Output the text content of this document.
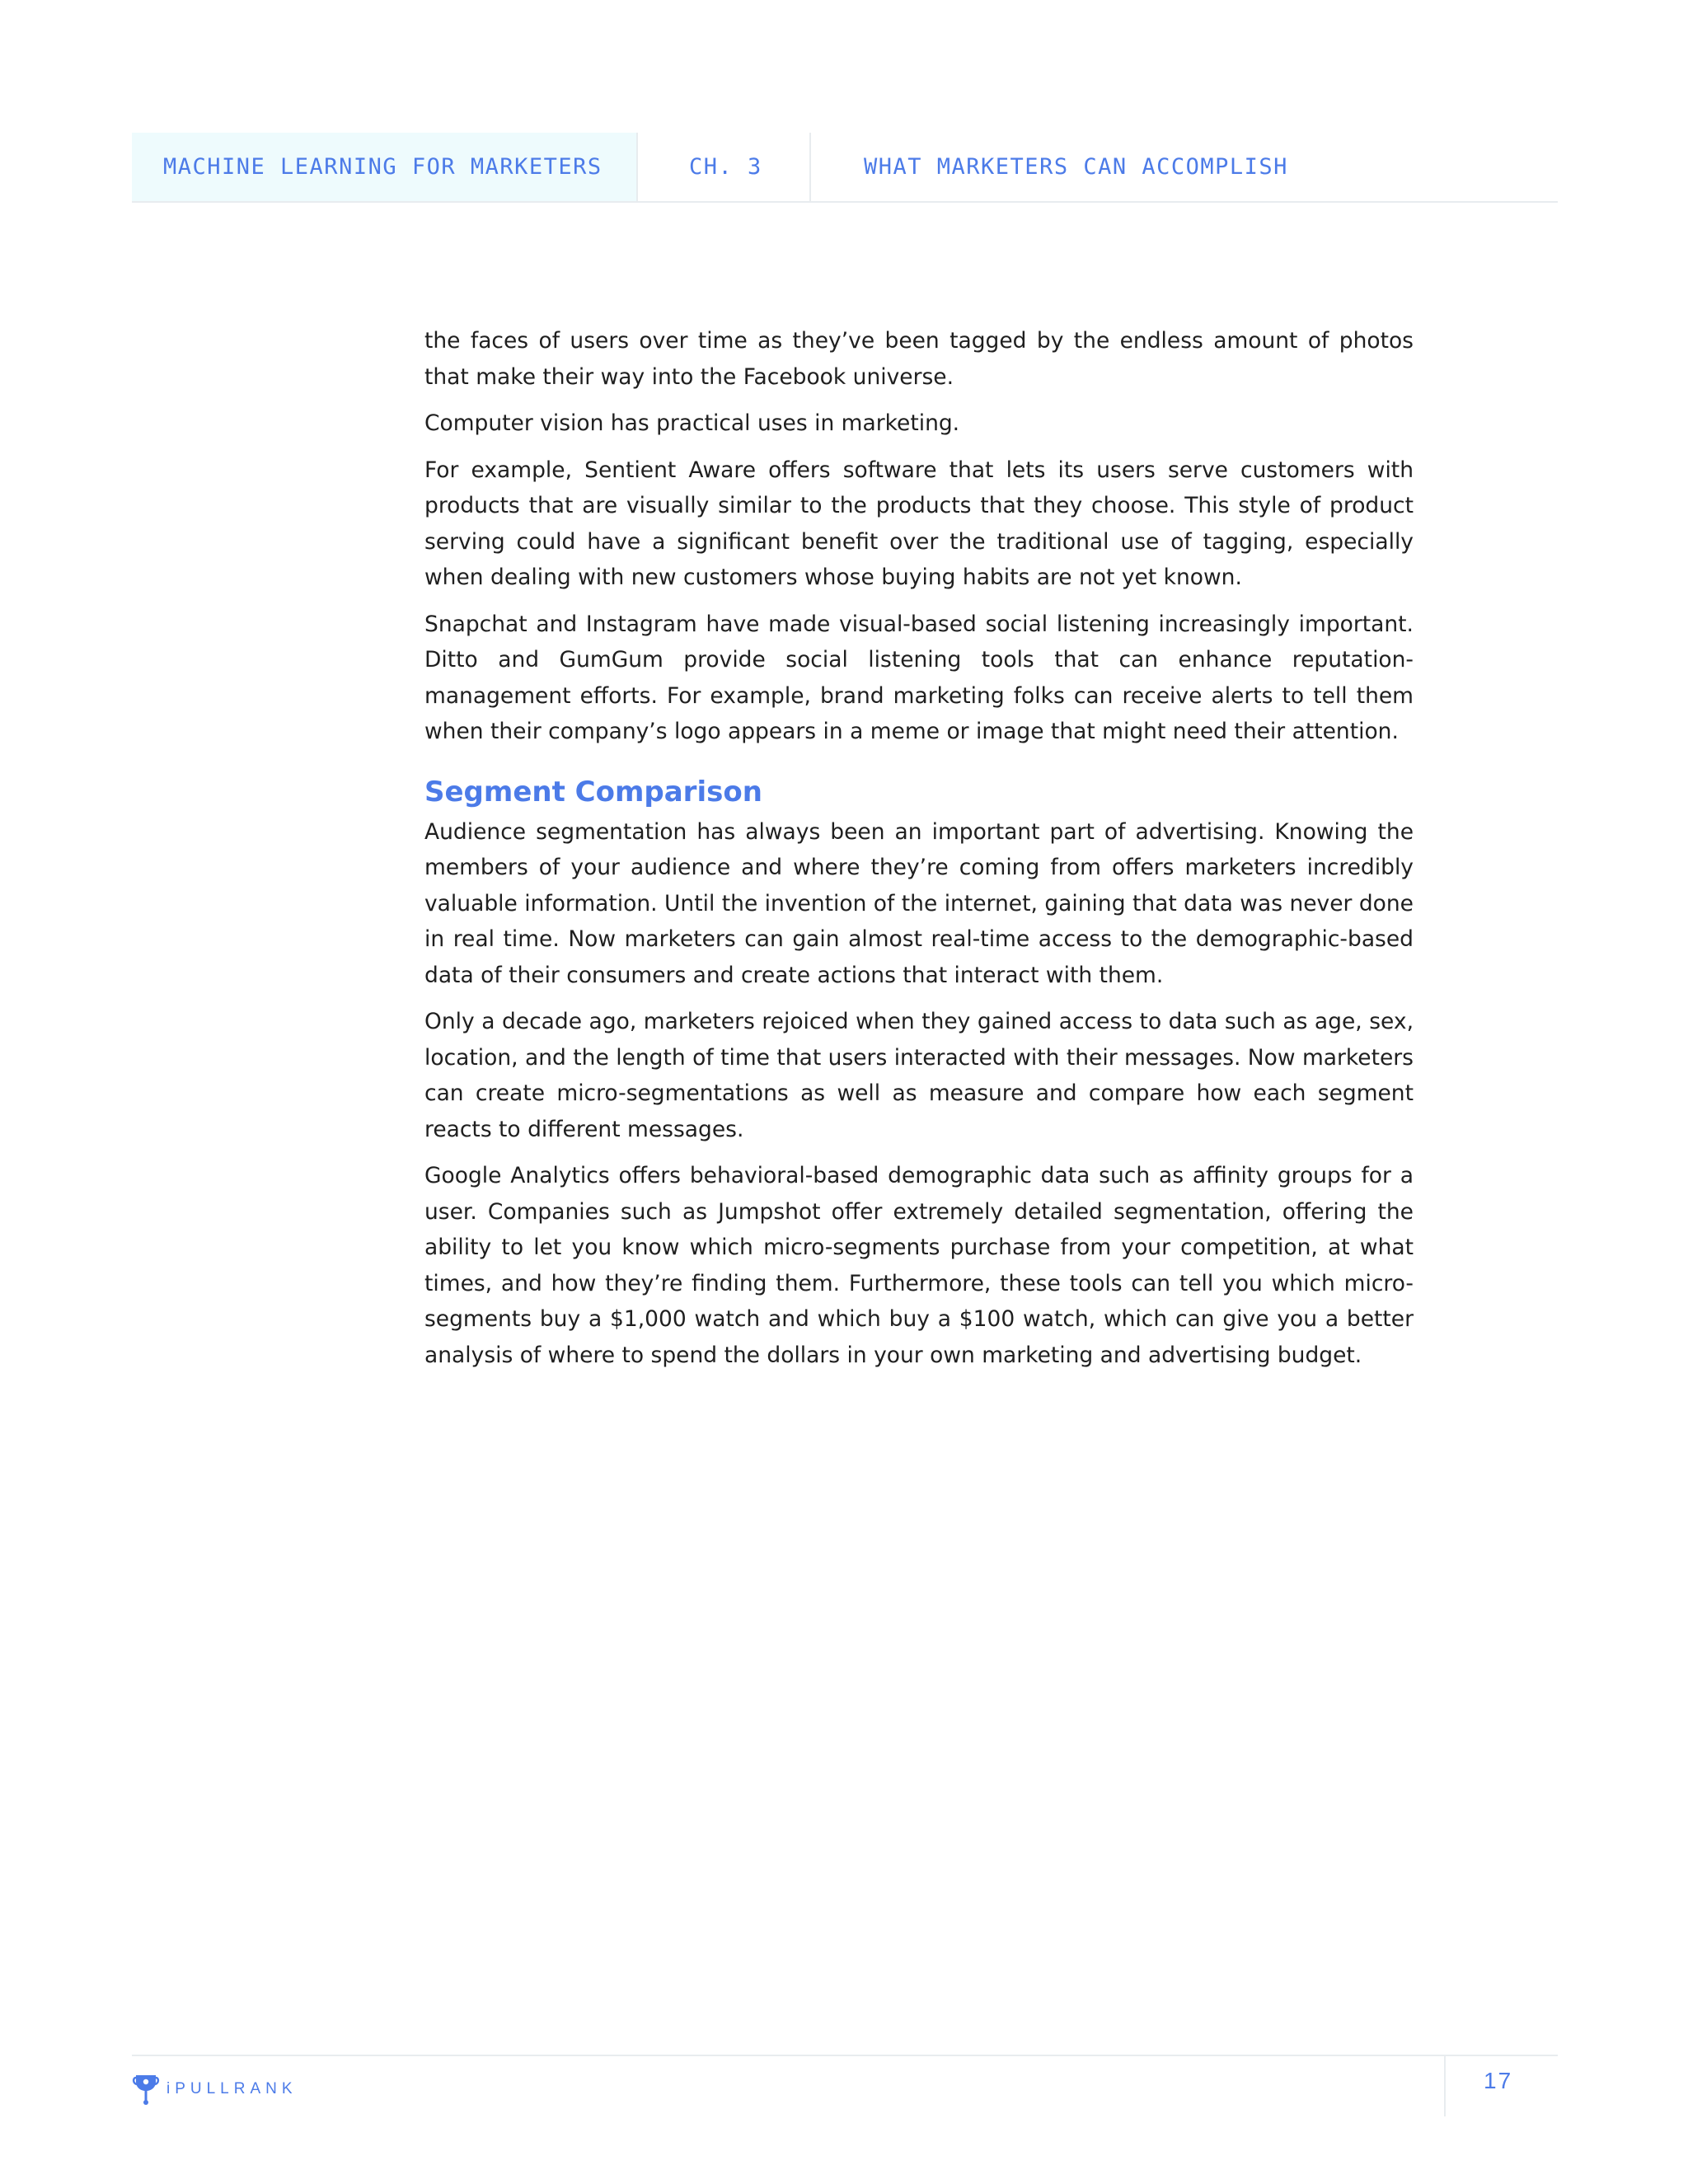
MACHINE LEARNING FOR MARKETERS	CH. 3	WHAT MARKETERS CAN ACCOMPLISH

the faces of users over time as they’ve been tagged by the endless amount of photos that make their way into the Facebook universe.

Computer vision has practical uses in marketing.

For example, Sentient Aware offers software that lets its users serve customers with products that are visually similar to the products that they choose. This style of product serving could have a significant benefit over the traditional use of tagging, especially when dealing with new customers whose buying habits are not yet known.

Snapchat and Instagram have made visual-based social listening increasingly important. Ditto and GumGum provide social listening tools that can enhance reputation-management efforts. For example, brand marketing folks can receive alerts to tell them when their company’s logo appears in a meme or image that might need their attention.

Segment Comparison

Audience segmentation has always been an important part of advertising. Knowing the members of your audience and where they’re coming from offers marketers incredibly valuable information. Until the invention of the internet, gaining that data was never done in real time. Now marketers can gain almost real-time access to the demographic-based data of their consumers and create actions that interact with them.

Only a decade ago, marketers rejoiced when they gained access to data such as age, sex, location, and the length of time that users interacted with their messages. Now marketers can create micro-segmentations as well as measure and compare how each segment reacts to different messages.

Google Analytics offers behavioral-based demographic data such as affinity groups for a user. Companies such as Jumpshot offer extremely detailed segmentation, offering the ability to let you know which micro-segments purchase from your competition, at what times, and how they’re finding them. Furthermore, these tools can tell you which micro-segments buy a $1,000 watch and which buy a $100 watch, which can give you a better analysis of where to spend the dollars in your own marketing and advertising budget.

iPULLRANK	17
